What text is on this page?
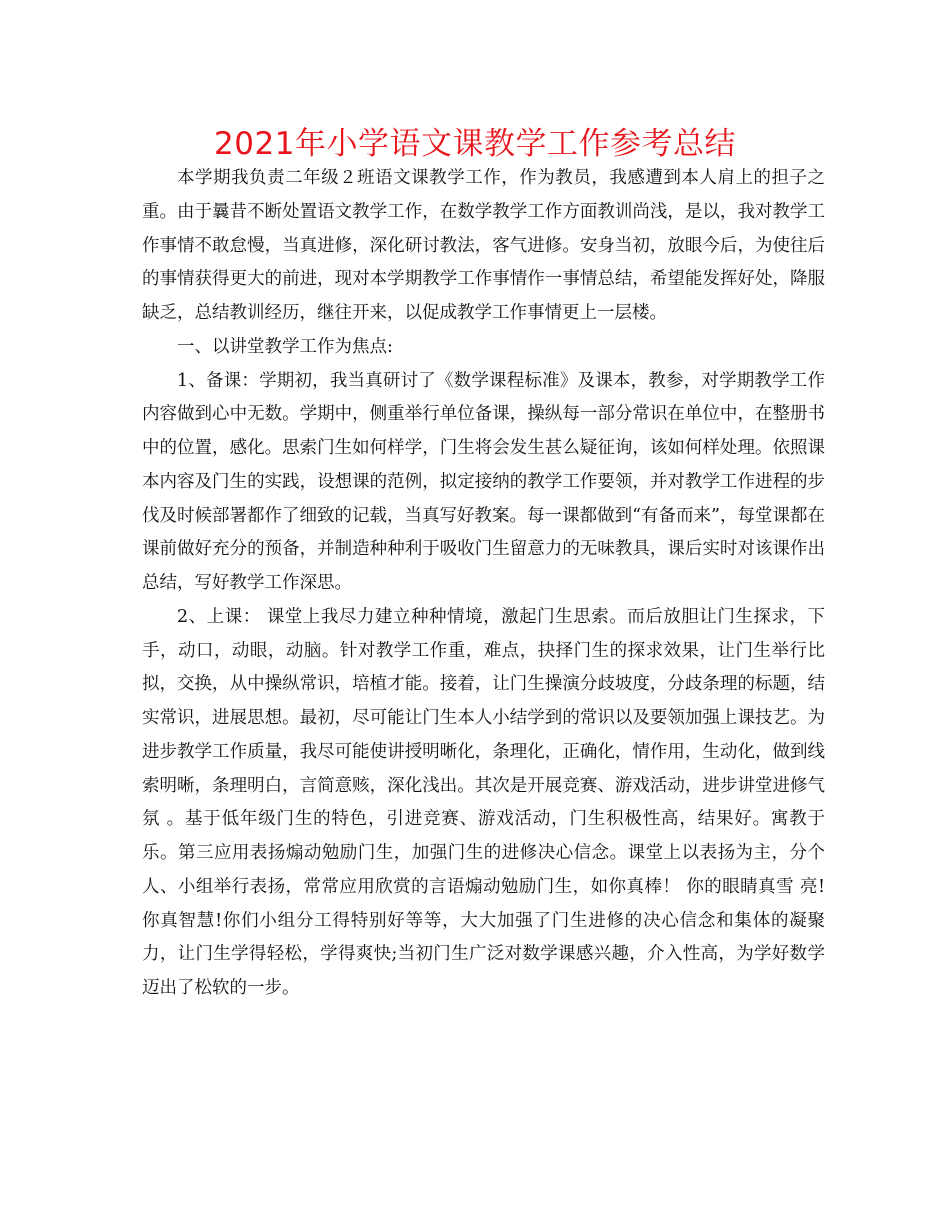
2021年小学语文课教学工作参考总结

本学期我负责二年级２班语文课教学工作，作为教员，我感遭到本人肩上的担子之重。由于曩昔不断处置语文教学工作，在数学教学工作方面教训尚浅，是以，我对教学工作事情不敢怠慢，当真进修，深化研讨教法，客气进修。安身当初，放眼今后，为使往后的事情获得更大的前进，现对本学期教学工作事情作一事情总结，希望能发挥好处，降服缺乏，总结教训经历，继往开来，以促成教学工作事情更上一层楼。

一、以讲堂教学工作为焦点:

1、备课：学期初，我当真研讨了《数学课程标准》及课本，教参，对学期教学工作内容做到心中无数。学期中，侧重举行单位备课，操纵每一部分常识在单位中，在整册书中的位置，感化。思索门生如何样学，门生将会发生甚么疑征询，该如何样处理。依照课本内容及门生的实践，设想课的范例，拟定接纳的教学工作要领，并对教学工作进程的步伐及时候部署都作了细致的记载，当真写好教案。每一课都做到“有备而来”，每堂课都在课前做好充分的预备，并制造种种利于吸收门生留意力的无味教具，课后实时对该课作出总结，写好教学工作深思。

2、上课： 课堂上我尽力建立种种情境，激起门生思索。而后放胆让门生探求，下手，动口，动眼，动脑。针对教学工作重，难点，抉择门生的探求效果，让门生举行比拟，交换，从中操纵常识，培植才能。接着，让门生操演分歧坡度，分歧条理的标题，结实常识，进展思想。最初，尽可能让门生本人小结学到的常识以及要领加强上课技艺。为进步教学工作质量，我尽可能使讲授明晰化，条理化，正确化，情作用，生动化，做到线索明晰，条理明白，言简意赅，深化浅出。其次是开展竞赛、游戏活动，进步讲堂进修气氛 。基于低年级门生的特色，引进竞赛、游戏活动，门生积极性高，结果好。寓教于乐。第三应用表扬煽动勉励门生，加强门生的进修决心信念。课堂上以表扬为主，分个人、小组举行表扬，常常应用欣赏的言语煽动勉励门生，如你真棒！ 你的眼睛真雪 亮!你真智慧!你们小组分工得特别好等等，大大加强了门生进修的决心信念和集体的凝聚力，让门生学得轻松，学得爽快;当初门生广泛对数学课感兴趣，介入性高，为学好数学迈出了松软的一步。
